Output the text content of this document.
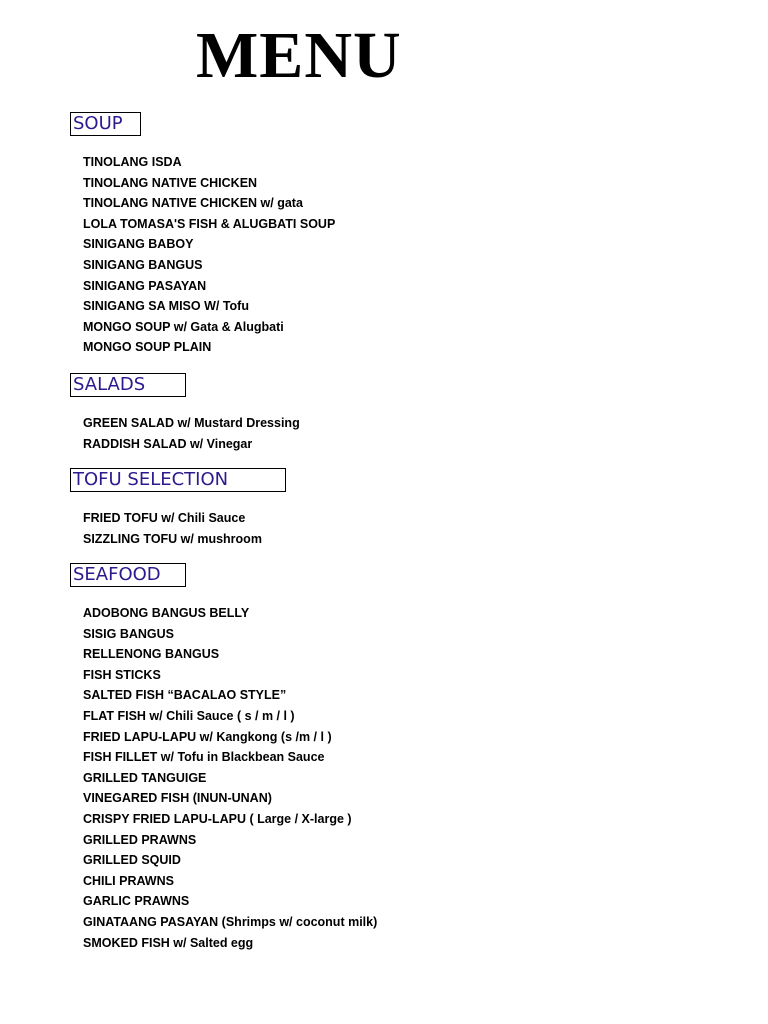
MENU
SOUP
TINOLANG ISDA
TINOLANG NATIVE CHICKEN
TINOLANG NATIVE CHICKEN w/ gata
LOLA TOMASA'S FISH & ALUGBATI SOUP
SINIGANG BABOY
SINIGANG BANGUS
SINIGANG PASAYAN
SINIGANG SA MISO W/ Tofu
MONGO SOUP w/ Gata & Alugbati
MONGO SOUP PLAIN
SALADS
GREEN SALAD w/ Mustard Dressing
RADDISH SALAD w/ Vinegar
TOFU SELECTION
FRIED TOFU w/ Chili Sauce
SIZZLING TOFU w/ mushroom
SEAFOOD
ADOBONG BANGUS BELLY
SISIG BANGUS
RELLENONG BANGUS
FISH STICKS
SALTED FISH “BACALAO STYLE”
FLAT FISH w/ Chili Sauce ( s / m / l )
FRIED LAPU-LAPU w/ Kangkong (s /m / l )
FISH FILLET w/ Tofu in Blackbean Sauce
GRILLED TANGUIGE
VINEGARED FISH (INUN-UNAN)
CRISPY FRIED LAPU-LAPU ( Large / X-large )
GRILLED PRAWNS
GRILLED SQUID
CHILI PRAWNS
GARLIC PRAWNS
GINATAANG PASAYAN (Shrimps w/ coconut milk)
SMOKED FISH w/ Salted egg
